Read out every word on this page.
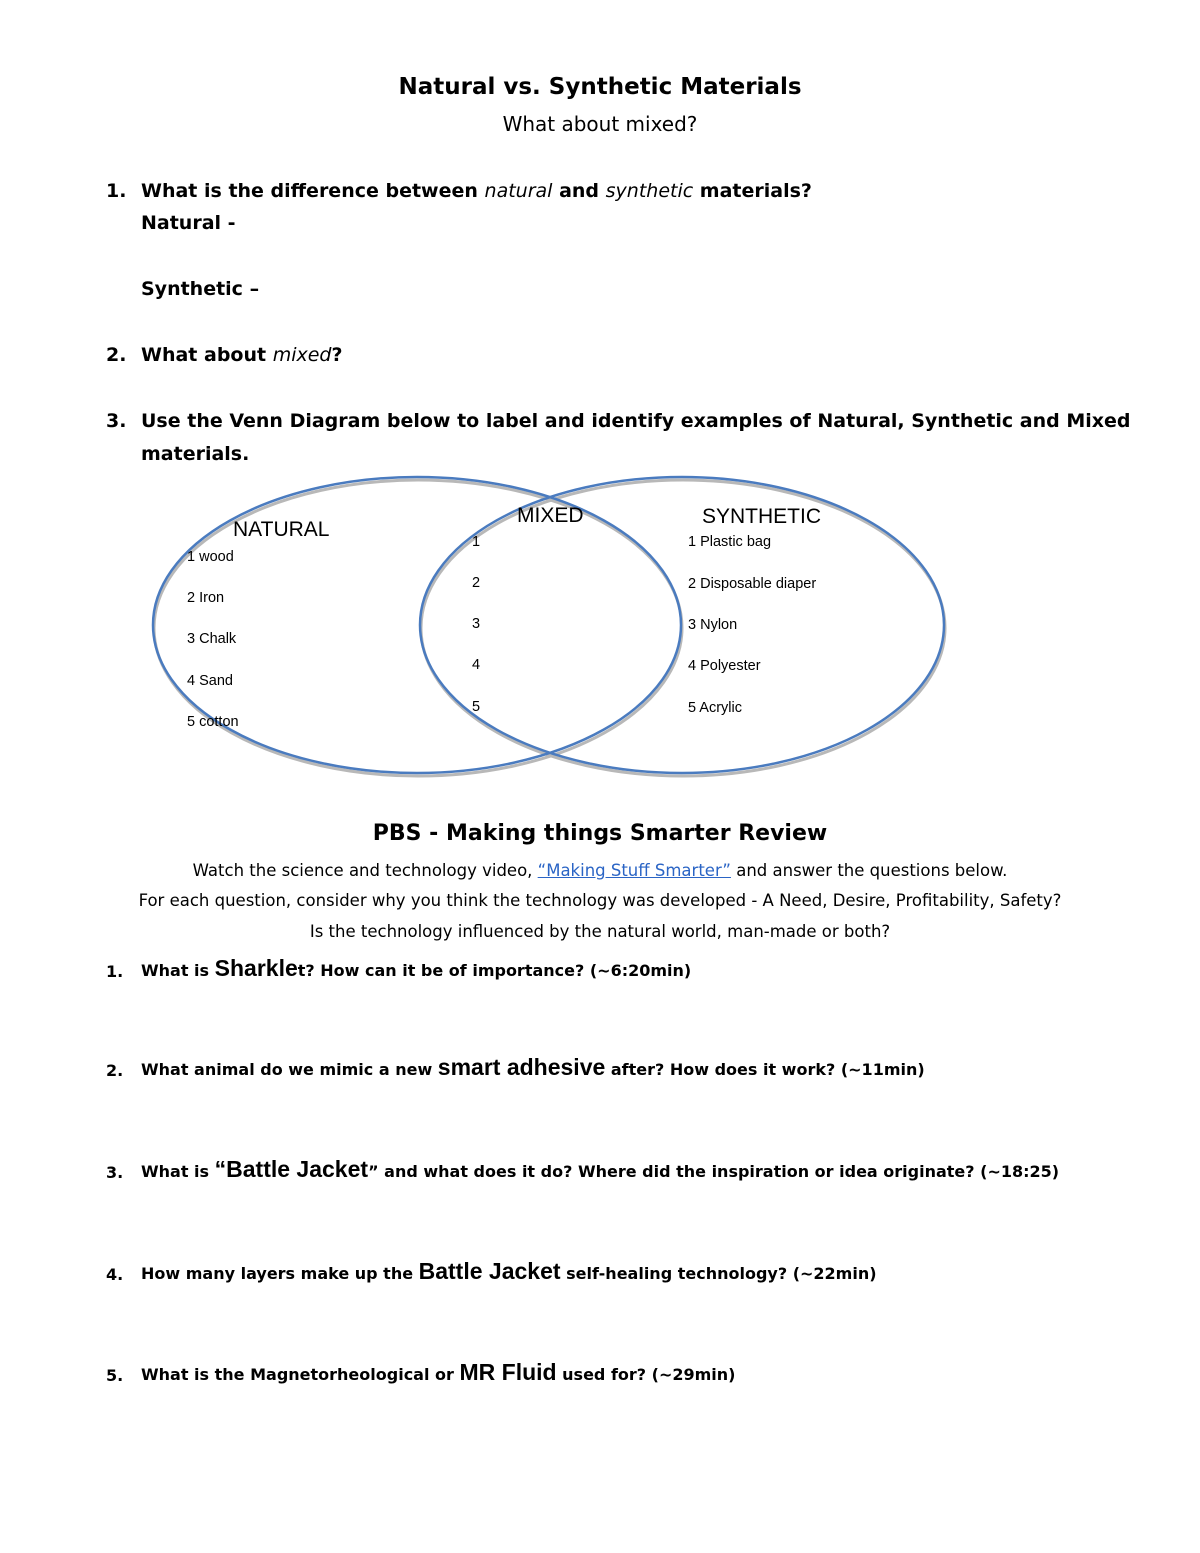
Natural vs. Synthetic Materials
What about mixed?
1. What is the difference between natural and synthetic materials?
Natural -
Synthetic –
2. What about mixed?
3. Use the Venn Diagram below to label and identify examples of Natural, Synthetic and Mixed
materials.
NATURAL
MIXED	SYNTHETIC
1 wood
2 Iron
3 Chalk
4 Sand
5 cotton
1
2
3
4
5
1 Plastic bag
2 Disposable diaper
3 Nylon
4 Polyester
5 Acrylic
PBS - Making things Smarter Review
Watch the science and technology video, “Making Stuff Smarter” and answer the questions below.
For each question, consider why you think the technology was developed - A Need, Desire, Profitability, Safety?
Is the technology influenced by the natural world, man-made or both?
1. What is Sharklet? How can it be of importance? (~6:20min)
2. What animal do we mimic a new smart adhesive after? How does it work? (~11min)
3. What is “Battle Jacket” and what does it do? Where did the inspiration or idea originate? (~18:25)
4. How many layers make up the Battle Jacket self-healing technology? (~22min)
5. What is the Magnetorheological or MR Fluid used for? (~29min)
